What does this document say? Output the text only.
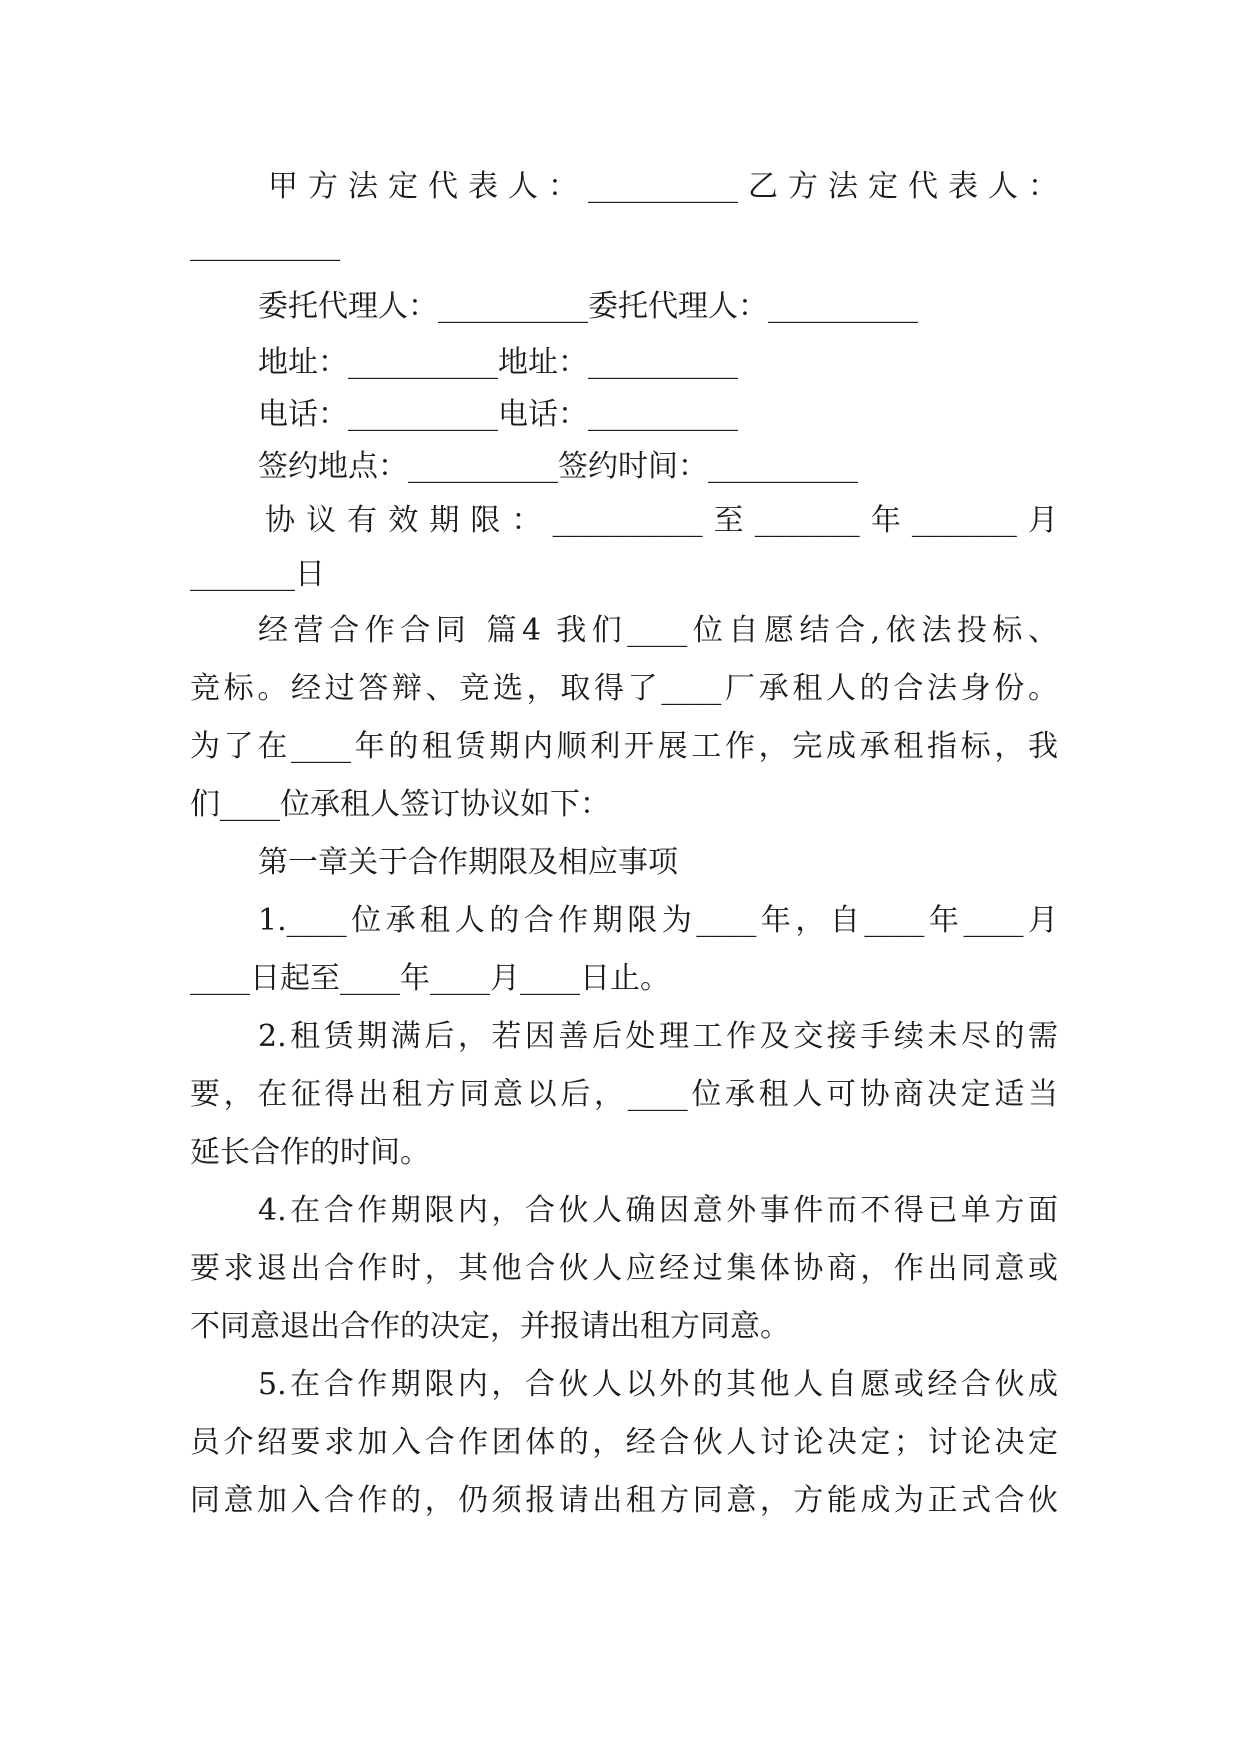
甲方法定代表人：__________乙方法定代表人：
__________
委托代理人：__________委托代理人：__________
地址：__________地址：__________
电话：__________电话：__________
签约地点：__________签约时间：__________
协议有效期限：__________至_______年_______月
_______日
经营合作合同 篇4 我们____位自愿结合,依法投标、
竞标。经过答辩、竞选，取得了____厂承租人的合法身份。
为了在____年的租赁期内顺利开展工作，完成承租指标，我
们____位承租人签订协议如下：
第一章关于合作期限及相应事项
1.____位承租人的合作期限为____年，自____年____月
____日起至____年____月____日止。
2.租赁期满后，若因善后处理工作及交接手续未尽的需
要，在征得出租方同意以后，____位承租人可协商决定适当
延长合作的时间。
4.在合作期限内，合伙人确因意外事件而不得已单方面
要求退出合作时，其他合伙人应经过集体协商，作出同意或
不同意退出合作的决定，并报请出租方同意。
5.在合作期限内，合伙人以外的其他人自愿或经合伙成
员介绍要求加入合作团体的，经合伙人讨论决定；讨论决定
同意加入合作的，仍须报请出租方同意，方能成为正式合伙
